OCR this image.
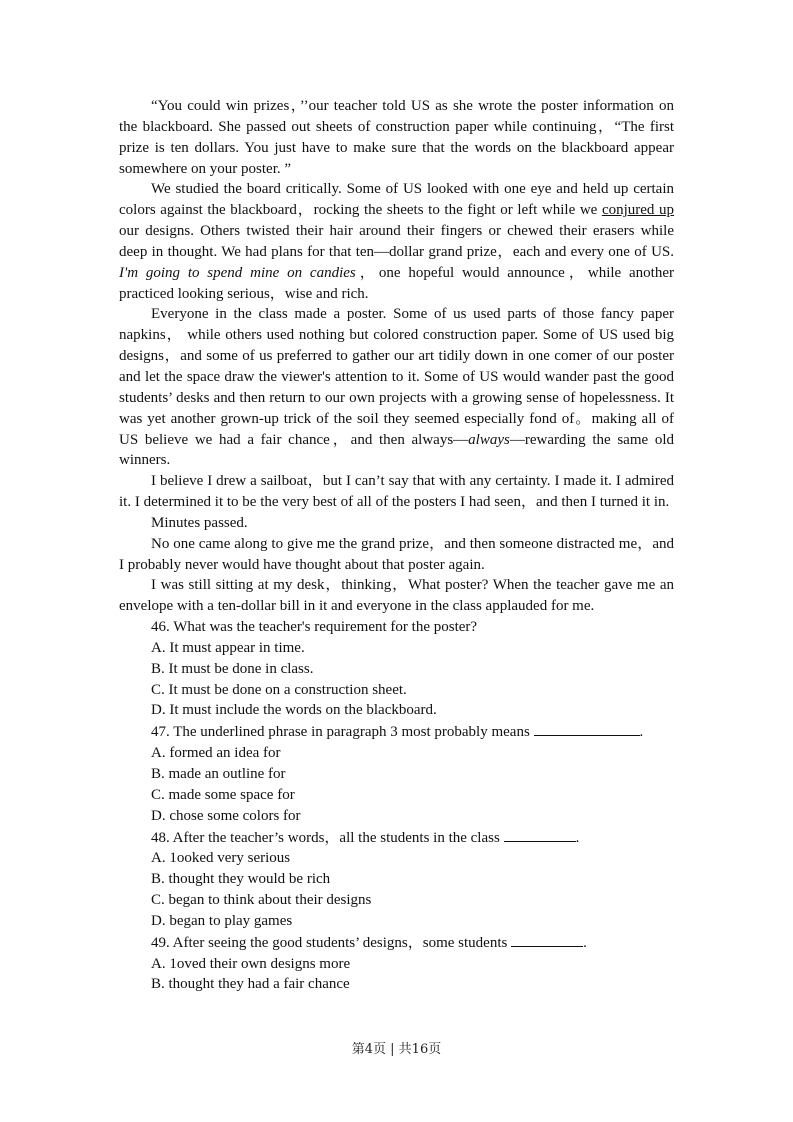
“You could win prizes，’’our teacher told US as she wrote the poster information on the blackboard. She passed out sheets of construction paper while continuing，“The first prize is ten dollars. You just have to make sure that the words on the blackboard appear somewhere on your poster. ”

We studied the board critically. Some of US looked with one eye and held up certain colors against the blackboard，rocking the sheets to the fight or left while we conjured up our designs. Others twisted their hair around their fingers or chewed their erasers while deep in thought. We had plans for that ten—dollar grand prize，each and every one of US. I'm going to spend mine on candies，one hopeful would announce，while another practiced looking serious，wise and rich.

Everyone in the class made a poster. Some of us used parts of those fancy paper napkins， while others used nothing but colored construction paper. Some of US used big designs，and some of us preferred to gather our art tidily down in one comer of our poster and let the space draw the viewer's attention to it. Some of US would wander past the good students’ desks and then return to our own projects with a growing sense of hopelessness. It was yet another grown-up trick of the soil they seemed especially fond of。making all of US believe we had a fair chance，and then always—always—rewarding the same old winners.

I believe I drew a sailboat，but I can’t say that with any certainty. I made it. I admired it. I determined it to be the very best of all of the posters I had seen，and then I turned it in.

Minutes passed.

No one came along to give me the grand prize，and then someone distracted me，and I probably never would have thought about that poster again.

I was still sitting at my desk，thinking，What poster? When the teacher gave me an envelope with a ten-dollar bill in it and everyone in the class applauded for me.

46. What was the teacher's requirement for the poster?

A. It must appear in time.

B. It must be done in class.

C. It must be done on a construction sheet.

D. It must include the words on the blackboard.

47. The underlined phrase in paragraph 3 most probably means	.

A. formed an idea for

B. made an outline for

C. made some space for

D. chose some colors for

48. After the teacher’s words，all the students in the class	.

A. 1ooked very serious

B. thought they would be rich

C. began to think about their designs

D. began to play games

49. After seeing the good students’ designs，some students	.

A. 1oved their own designs more

B. thought they had a fair chance

第4页 | 共16页
